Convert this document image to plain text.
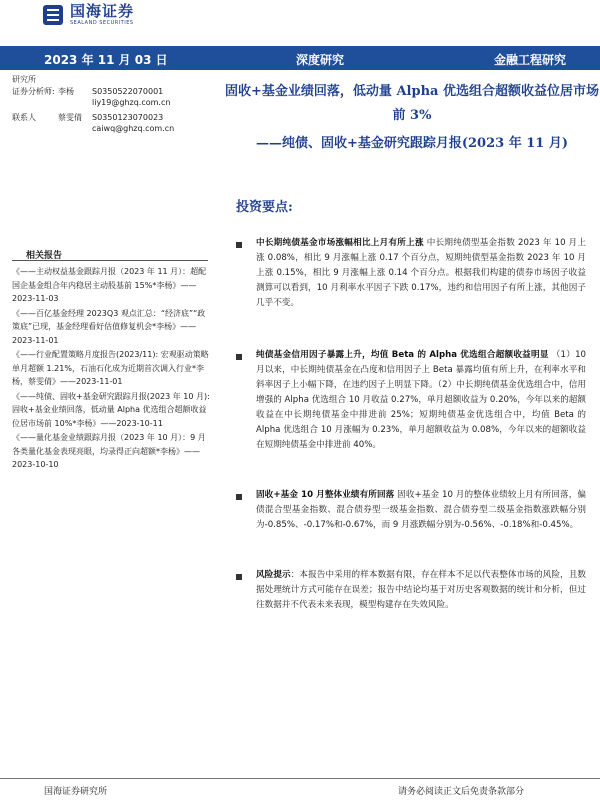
国海证券
SEALAND SECURITIES
2023 年 11 月 03 日	深度研究	金融工程研究
研究所
证券分析师: 李杨	S0350522070001
liy19@ghzq.com.cn
联系人	蔡雯倩	S0350123070023
caiwq@ghzq.com.cn
相关报告
《——主动权益基金跟踪月报（2023 年 11 月）：超配国企基金组合年内稳居主动股基前 15%*李杨》——2023-11-03
《——百亿基金经理 2023Q3 观点汇总：“经济底”“政策底”已现，基金经理看好估值修复机会*李杨》——2023-11-01
《——行业配置策略月度报告(2023/11): 宏观驱动策略单月超额 1.21%，石油石化成为近期首次调入行业*李杨，蔡雯倩》——2023-11-01
《——纯债、固收+基金研究跟踪月报(2023 年 10 月): 固收+基金业绩回落，低动量 Alpha 优选组合超额收益位居市场前 10%*李杨》——2023-10-11
《——量化基金业绩跟踪月报（2023 年 10 月）：9 月各类量化基金表现亮眼，均录得正向超额*李杨》——2023-10-10
固收+基金业绩回落，低动量 Alpha 优选组合超额收益位居市场前 3%
——纯债、固收+基金研究跟踪月报(2023 年 11 月)
投资要点:
中长期纯债基金市场涨幅相比上月有所上涨 中长期纯债型基金指数 2023 年 10 月上涨 0.08%，相比 9 月涨幅上涨 0.17 个百分点，短期纯债型基金指数 2023 年 10 月上涨 0.15%，相比 9 月涨幅上涨 0.14 个百分点。根据我们构建的债券市场因子收益测算可以看到，10 月利率水平因子下跌 0.17%，违约和信用因子有所上涨，其他因子几乎不变。
纯债基金信用因子暴露上升，均值 Beta 的 Alpha 优选组合超额收益明显 （1）10 月以来，中长期纯债基金在凸度和信用因子上 Beta 暴露均值有所上升，在利率水平和斜率因子上小幅下降，在违约因子上明显下降。（2）中长期纯债基金优选组合中，信用增强的 Alpha 优选组合 10 月收益 0.27%，单月超额收益为 0.20%，今年以来的超额收益在中长期纯债基金中排进前 25%；短期纯债基金优选组合中，均值 Beta 的 Alpha 优选组合 10 月涨幅为 0.23%，单月超额收益为 0.08%，今年以来的超额收益在短期纯债基金中排进前 40%。
固收+基金 10 月整体业绩有所回落 固收+基金 10 月的整体业绩较上月有所回落，偏债混合型基金指数、混合债券型一级基金指数、混合债券型二级基金指数涨跌幅分别为-0.85%、-0.17%和-0.67%，而 9 月涨跌幅分别为-0.56%、-0.18%和-0.45%。
风险提示：本报告中采用的样本数据有限，存在样本不足以代表整体市场的风险，且数据处理统计方式可能存在误差；报告中结论均基于对历史客观数据的统计和分析，但过往数据并不代表未来表现，模型构建存在失效风险。
国海证券研究所	请务必阅读正文后免责条款部分
